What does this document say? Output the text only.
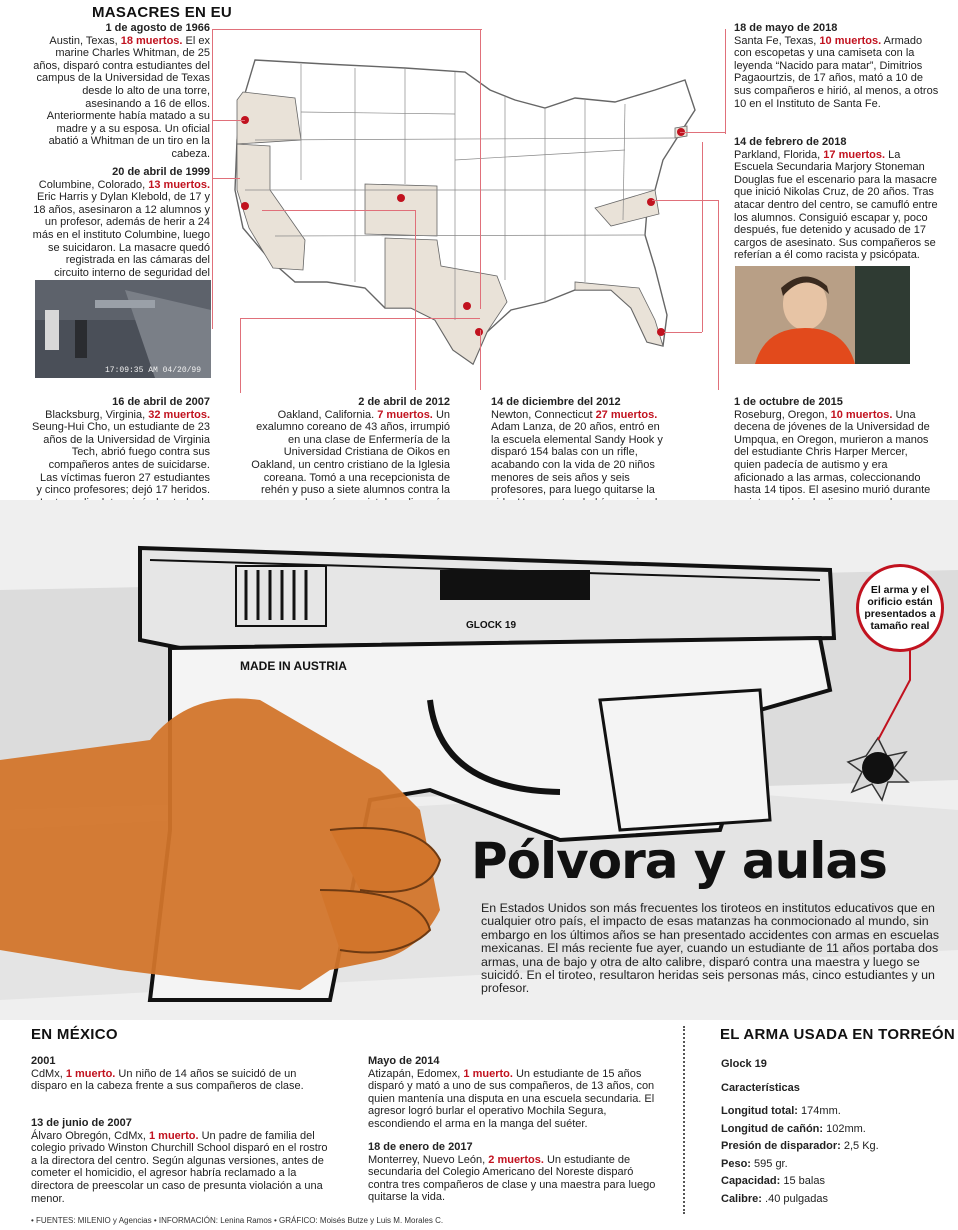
MASACRES EN EU
1 de agosto de 1966
Austin, Texas, 18 muertos. El ex marine Charles Whitman, de 25 años, disparó contra estudiantes del campus de la Universidad de Texas desde lo alto de una torre, asesinando a 16 de ellos. Anteriormente había matado a su madre y a su esposa. Un oficial abatió a Whitman de un tiro en la cabeza.
20 de abril de 1999
Columbine, Colorado, 13 muertos. Eric Harris y Dylan Klebold, de 17 y 18 años, asesinaron a 12 alumnos y un profesor, además de herir a 24 más en el instituto Columbine, luego se suicidaron. La masacre quedó registrada en las cámaras del circuito interno de seguridad del
17:09:35 AM 04/20/99
16 de abril de 2007
Blacksburg, Virginia, 32 muertos. Seung-Hui Cho, un estudiante de 23 años de la Universidad de Virginia Tech, abrió fuego contra sus compañeros antes de suicidarse. Las víctimas fueron 27 estudiantes y cinco profesores; dejó 17 heridos.
2 de abril de 2012
Oakland, California. 7 muertos. Un exalumno coreano de 43 años, irrumpió en una clase de Enfermería de la Universidad Cristiana de Oikos en Oakland, un centro cristiano de la Iglesia coreana. Tomó a una recepcionista de rehén y puso a siete alumnos contra la
14 de diciembre del 2012
Newton, Connecticut 27 muertos. Adam Lanza, de 20 años, entró en la escuela elemental Sandy Hook y disparó 154 balas con un rifle, acabando con la vida de 20 niños menores de seis años y seis profesores, para luego quitarse la
1 de octubre de 2015
Roseburg, Oregon, 10 muertos. Una decena de jóvenes de la Universidad de Umpqua, en Oregon, murieron a manos del estudiante Chris Harper Mercer, quien padecía de autismo y era aficionado a las armas, coleccionando hasta 14 tipos. El asesino murió durante
18 de mayo de 2018
Santa Fe, Texas, 10 muertos. Armado con escopetas y una camiseta con la leyenda “Nacido para matar”, Dimitrios Pagaourtzis, de 17 años, mató a 10 de sus compañeros e hirió, al menos, a otros 10 en el Instituto de Santa Fe.
14 de febrero de 2018
Parkland, Florida, 17 muertos. La Escuela Secundaria Marjory Stoneman Douglas fue el escenario para la masacre que inició Nikolas Cruz, de 20 años. Tras atacar dentro del centro, se camufló entre los alumnos. Consiguió escapar y, poco después, fue detenido y acusado de 17 cargos de asesinato. Sus compañeros se referían a él como racista y psicópata.
MADE IN AUSTRIA
GLOCK 19
El arma y el orificio están presentados a tamaño real
Pólvora y aulas
En Estados Unidos son más frecuentes los tiroteos en institutos educativos que en cualquier otro país, el impacto de esas matanzas ha conmocionado al mundo, sin embargo en los últimos años se han presentado accidentes con armas en escuelas mexicanas. El más reciente fue ayer, cuando un estudiante de 11 años portaba dos armas, una de bajo y otra de alto calibre, disparó contra una maestra y luego se suicidó. En el tiroteo, resultaron heridas seis personas más, cinco estudiantes y un profesor.
EN MÉXICO
2001
CdMx, 1 muerto. Un niño de 14 años se suicidó de un disparo en la cabeza frente a sus compañeros de clase.
13 de junio de 2007
Álvaro Obregón, CdMx, 1 muerto. Un padre de familia del colegio privado Winston Churchill School disparó en el rostro a la directora del centro. Según algunas versiones, antes de cometer el homicidio, el agresor habría reclamado a la directora de preescolar un caso de presunta violación a una menor.
Mayo de 2014
Atizapán, Edomex, 1 muerto. Un estudiante de 15 años disparó y mató a uno de sus compañeros, de 13 años, con quien mantenía una disputa en una escuela secundaria. El agresor logró burlar el operativo Mochila Segura, escondiendo el arma en la manga del suéter.
18 de enero de 2017
Monterrey, Nuevo León, 2 muertos. Un estudiante de secundaria del Colegio Americano del Noreste disparó contra tres compañeros de clase y una maestra para luego quitarse la vida.
EL ARMA USADA EN TORREÓN
Glock 19
Características
Longitud total: 174mm.
Longitud de cañón: 102mm.
Presión de disparador: 2,5 Kg.
Peso: 595 gr.
Capacidad: 15 balas
Calibre: .40 pulgadas
• FUENTES: MILENIO y Agencias • INFORMACIÓN: Lenina Ramos • GRÁFICO: Moisés Butze y Luis M. Morales C.
